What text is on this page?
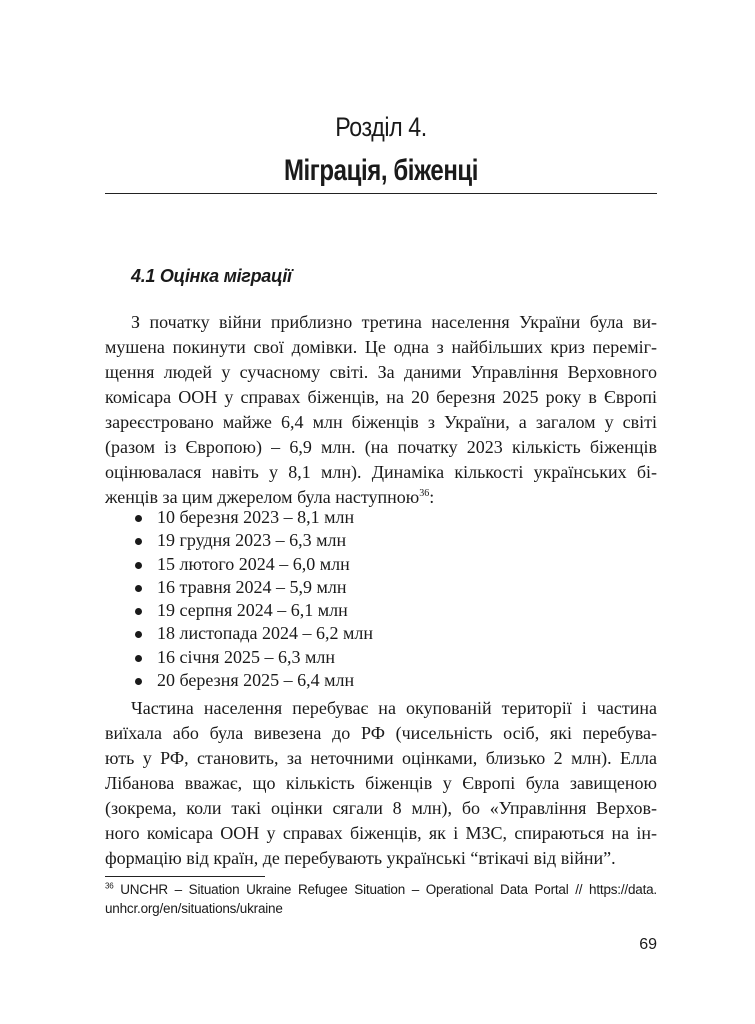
Розділ 4.
Міграція, біженці
4.1 Оцінка міграції
З початку війни приблизно третина населення України була ви-
мушена покинути свої домівки. Це одна з найбільших криз переміг-
щення людей у сучасному світі. За даними Управління Верховного
комісара ООН у справах біженців, на 20 березня 2025 року в Європі
зареєстровано майже 6,4 млн біженців з України, а загалом у світі
(разом із Європою) – 6,9 млн. (на початку 2023 кількість біженців
оцінювалася навіть у 8,1 млн). Динаміка кількості українських бі-
женців за цим джерелом була наступною$^{36}$:
10 березня 2023 – 8,1 млн
19 грудня 2023 – 6,3 млн
15 лютого 2024 – 6,0 млн
16 травня 2024 – 5,9 млн
19 серпня 2024 – 6,1 млн
18 листопада 2024 – 6,2 млн
16 січня 2025 – 6,3 млн
20 березня 2025 – 6,4 млн
Частина населення перебуває на окупованій території і частина
виїхала або була вивезена до РФ (чисельність осіб, які перебува-
ють у РФ, становить, за неточними оцінками, близько 2 млн). Елла
Лібанова вважає, що кількість біженців у Європі була завищеною
(зокрема, коли такі оцінки сягали 8 млн), бо «Управління Верхов-
ного комісара ООН у справах біженців, як і МЗС, спираються на ін-
формацію від країн, де перебувають українські “втікачі від війни”.
$^{36}$ UNCHR – Situation Ukraine Refugee Situation – Operational Data Portal // https://data.
unhcr.org/en/situations/ukraine
69
